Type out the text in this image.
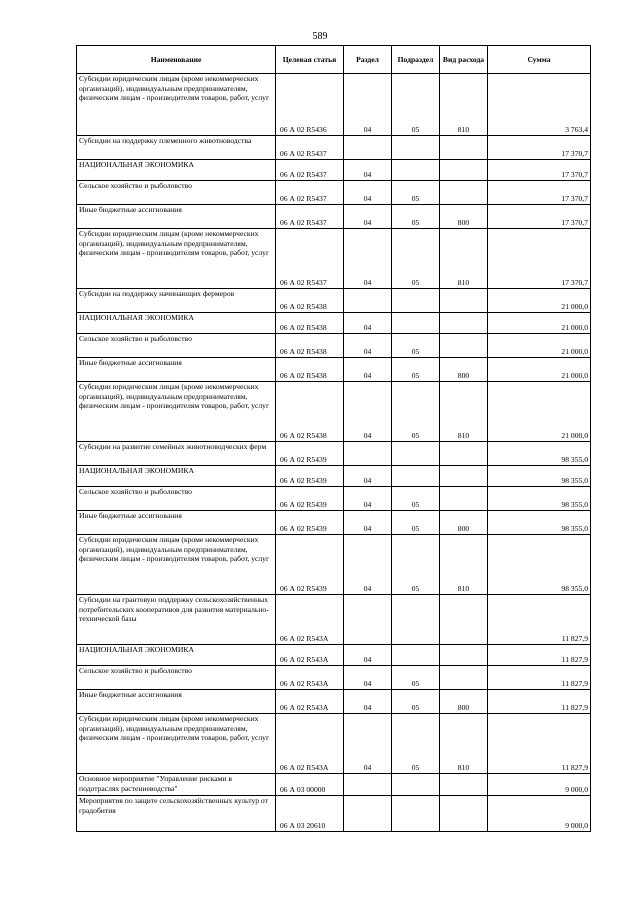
589
Наименование	Целевая статья	Раздел	Подраздел	Вид расхода	Сумма
Субсидии юридическим лицам (кроме некоммерческих организаций), индивидуальным предпринимателям, физическим лицам - производителям товаров, работ, услуг	06 А 02 R5436	04	05	810	3 763,4
Субсидии на поддержку племенного животноводства	06 А 02 R5437				17 370,7
НАЦИОНАЛЬНАЯ ЭКОНОМИКА	06 А 02 R5437	04			17 370,7
Сельское хозяйство и рыболовство	06 А 02 R5437	04	05		17 370,7
Иные бюджетные ассигнования	06 А 02 R5437	04	05	800	17 370,7
Субсидии юридическим лицам (кроме некоммерческих организаций), индивидуальным предпринимателям, физическим лицам - производителям товаров, работ, услуг	06 А 02 R5437	04	05	810	17 370,7
Субсидии на поддержку начинающих фермеров	06 А 02 R5438				21 000,0
НАЦИОНАЛЬНАЯ ЭКОНОМИКА	06 А 02 R5438	04			21 000,0
Сельское хозяйство и рыболовство	06 А 02 R5438	04	05		21 000,0
Иные бюджетные ассигнования	06 А 02 R5438	04	05	800	21 000,0
Субсидии юридическим лицам (кроме некоммерческих организаций), индивидуальным предпринимателям, физическим лицам - производителям товаров, работ, услуг	06 А 02 R5438	04	05	810	21 000,0
Субсидии на развитие семейных животноводческих ферм	06 А 02 R5439				98 355,0
НАЦИОНАЛЬНАЯ ЭКОНОМИКА	06 А 02 R5439	04			98 355,0
Сельское хозяйство и рыболовство	06 А 02 R5439	04	05		98 355,0
Иные бюджетные ассигнования	06 А 02 R5439	04	05	800	98 355,0
Субсидии юридическим лицам (кроме некоммерческих организаций), индивидуальным предпринимателям, физическим лицам - производителям товаров, работ, услуг	06 А 02 R5439	04	05	810	98 355,0
Субсидии на грантовую поддержку сельскохозяйственных потребительских кооперативов для развития материально-технической базы	06 А 02 R543А				11 827,9
НАЦИОНАЛЬНАЯ ЭКОНОМИКА	06 А 02 R543А	04			11 827,9
Сельское хозяйство и рыболовство	06 А 02 R543А	04	05		11 827,9
Иные бюджетные ассигнования	06 А 02 R543А	04	05	800	11 827,9
Субсидии юридическим лицам (кроме некоммерческих организаций), индивидуальным предпринимателям, физическим лицам - производителям товаров, работ, услуг	06 А 02 R543А	04	05	810	11 827,9
Основное мероприятие "Управление рисками в подотраслях растениеводства"	06 А 03 00000				9 000,0
Мероприятия по защите сельскохозяйственных культур от градобития	06 А 03 20610				9 000,0
